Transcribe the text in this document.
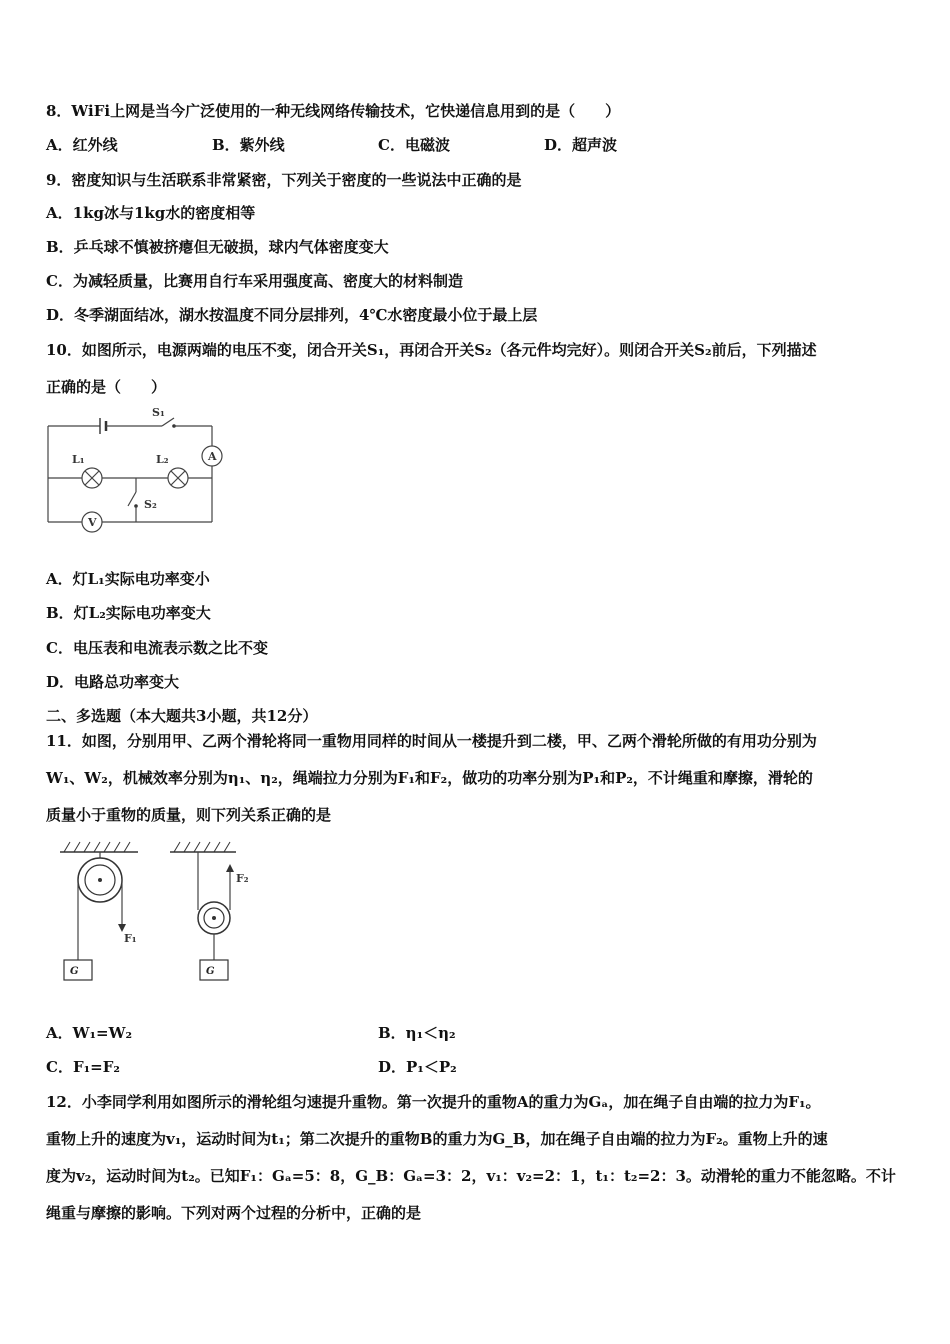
8．WiFi上网是当今广泛使用的一种无线网络传输技术，它快递信息用到的是（　　）
A．红外线	B．紫外线	C．电磁波	D．超声波
9．密度知识与生活联系非常紧密，下列关于密度的一些说法中正确的是
A．1kg冰与1kg水的密度相等
B．乒乓球不慎被挤瘪但无破损，球内气体密度变大
C．为减轻质量，比赛用自行车采用强度高、密度大的材料制造
D．冬季湖面结冰，湖水按温度不同分层排列，4℃水密度最小位于最上层
10．如图所示，电源两端的电压不变，闭合开关S₁，再闭合开关S₂（各元件均完好）。则闭合开关S₂前后，下列描述
正确的是（　　）
S₁
A
L₁	L₂
S₂
V
A．灯L₁实际电功率变小
B．灯L₂实际电功率变大
C．电压表和电流表示数之比不变
D．电路总功率变大
二、多选题（本大题共3小题，共12分）
11．如图，分别用甲、乙两个滑轮将同一重物用同样的时间从一楼提升到二楼，甲、乙两个滑轮所做的有用功分别为
W₁、W₂，机械效率分别为η₁、η₂，绳端拉力分别为F₁和F₂，做功的功率分别为P₁和P₂，不计绳重和摩擦，滑轮的
质量小于重物的质量，则下列关系正确的是
F₁
G
F₂
G
A．W₁=W₂	B．η₁＜η₂
C．F₁=F₂	D．P₁＜P₂
12．小李同学利用如图所示的滑轮组匀速提升重物。第一次提升的重物A的重力为Gₐ，加在绳子自由端的拉力为F₁。
重物上升的速度为v₁，运动时间为t₁；第二次提升的重物B的重力为G_B，加在绳子自由端的拉力为F₂。重物上升的速
度为v₂，运动时间为t₂。已知F₁：Gₐ=5：8，G_B：Gₐ=3：2，v₁：v₂=2：1，t₁：t₂=2：3。动滑轮的重力不能忽略。不计
绳重与摩擦的影响。下列对两个过程的分析中，正确的是
